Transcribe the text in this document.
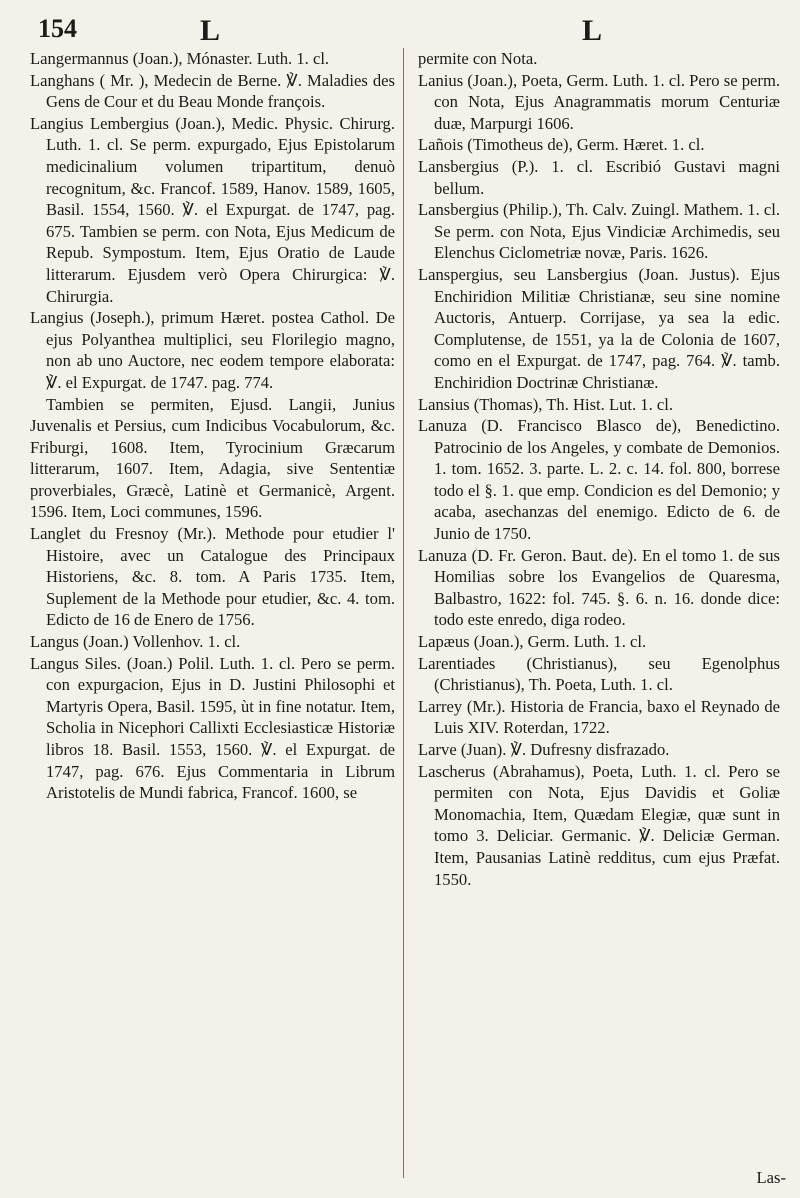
154	L	L

Langermannus (Joan.), Mónaster. Luth. 1. cl.

Langhans ( Mr. ), Medecin de Berne. ℣. Maladies des Gens de Cour et du Beau Monde françois.

Langius Lembergius (Joan.), Medic. Physic. Chirurg. Luth. 1. cl. Se perm. expurgado, Ejus Epistolarum medicinalium volumen tripartitum, denuò recognitum, &c. Francof. 1589, Hanov. 1589, 1605, Basil. 1554, 1560. ℣. el Expurgat. de 1747, pag. 675. Tambien se perm. con Nota, Ejus Medicum de Repub. Sympostum. Item, Ejus Oratio de Laude litterarum. Ejusdem verò Opera Chirurgica: ℣. Chirurgia.

Langius (Joseph.), primum Hæret. postea Cathol. De ejus Polyanthea multiplici, seu Florilegio magno, non ab uno Auctore, nec eodem tempore elaborata: ℣. el Expurgat. de 1747. pag. 774.

Tambien se permiten, Ejusd. Langii, Junius Juvenalis et Persius, cum Indicibus Vocabulorum, &c. Friburgi, 1608. Item, Tyrocinium Græcarum litterarum, 1607. Item, Adagia, sive Sententiæ proverbiales, Græcè, Latinè et Germanicè, Argent. 1596. Item, Loci communes, 1596.

Langlet du Fresnoy (Mr.). Methode pour etudier l' Histoire, avec un Catalogue des Principaux Historiens, &c. 8. tom. A Paris 1735. Item, Suplement de la Methode pour etudier, &c. 4. tom. Edicto de 16 de Enero de 1756.

Langus (Joan.) Vollenhov. 1. cl.

Langus Siles. (Joan.) Polil. Luth. 1. cl. Pero se perm. con expurgacion, Ejus in D. Justini Philosophi et Martyris Opera, Basil. 1595, ùt in fine notatur. Item, Scholia in Nicephori Callixti Ecclesiasticæ Historiæ libros 18. Basil. 1553, 1560. ℣. el Expurgat. de 1747, pag. 676. Ejus Commentaria in Librum Aristotelis de Mundi fabrica, Francof. 1600, se

permite con Nota.

Lanius (Joan.), Poeta, Germ. Luth. 1. cl. Pero se perm. con Nota, Ejus Anagrammatis morum Centuriæ duæ, Marpurgi 1606.

Lañois (Timotheus de), Germ. Hæret. 1. cl.

Lansbergius (P.). 1. cl. Escribió Gustavi magni bellum.

Lansbergius (Philip.), Th. Calv. Zuingl. Mathem. 1. cl. Se perm. con Nota, Ejus Vindiciæ Archimedis, seu Elenchus Ciclometriæ novæ, Paris. 1626.

Lanspergius, seu Lansbergius (Joan. Justus). Ejus Enchiridion Militiæ Christianæ, seu sine nomine Auctoris, Antuerp. Corrijase, ya sea la edic. Complutense, de 1551, ya la de Colonia de 1607, como en el Expurgat. de 1747, pag. 764. ℣. tamb. Enchiridion Doctrinæ Christianæ.

Lansius (Thomas), Th. Hist. Lut. 1. cl.

Lanuza (D. Francisco Blasco de), Benedictino. Patrocinio de los Angeles, y combate de Demonios. 1. tom. 1652. 3. parte. L. 2. c. 14. fol. 800, borrese todo el §. 1. que emp. Condicion es del Demonio; y acaba, asechanzas del enemigo. Edicto de 6. de Junio de 1750.

Lanuza (D. Fr. Geron. Baut. de). En el tomo 1. de sus Homilias sobre los Evangelios de Quaresma, Balbastro, 1622: fol. 745. §. 6. n. 16. donde dice: todo este enredo, diga rodeo.

Lapæus (Joan.), Germ. Luth. 1. cl.

Larentiades (Christianus), seu Egenolphus (Christianus), Th. Poeta, Luth. 1. cl.

Larrey (Mr.). Historia de Francia, baxo el Reynado de Luis XIV. Roterdan, 1722.

Larve (Juan). ℣. Dufresny disfrazado.

Lascherus (Abrahamus), Poeta, Luth. 1. cl. Pero se permiten con Nota, Ejus Davidis et Goliæ Monomachia, Item, Quædam Elegiæ, quæ sunt in tomo 3. Deliciar. Germanic. ℣. Deliciæ German. Item, Pausanias Latinè redditus, cum ejus Præfat. 1550.

Las-
